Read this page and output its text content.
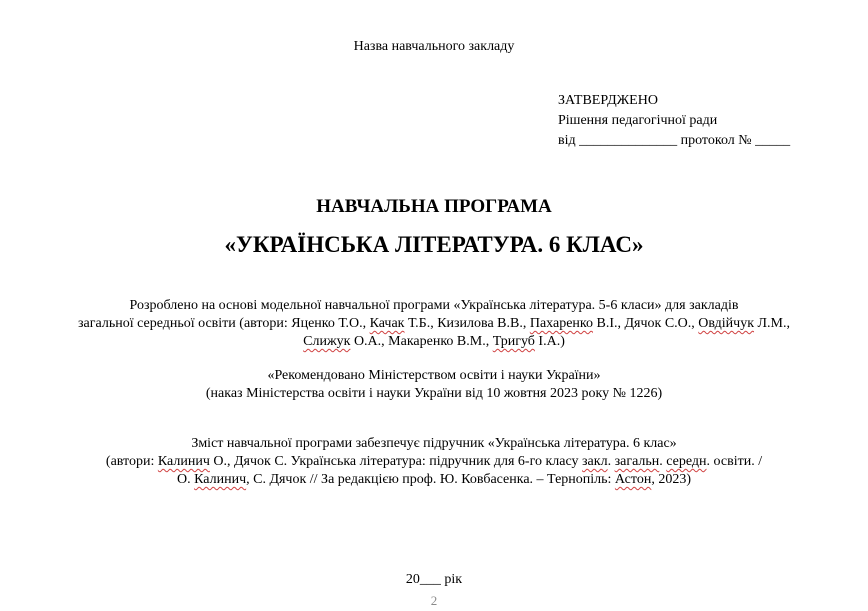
Назва навчального закладу
ЗАТВЕРДЖЕНО
Рішення педагогічної ради
від ______________ протокол № _____
НАВЧАЛЬНА ПРОГРАМА
«УКРАЇНСЬКА ЛІТЕРАТУРА. 6 КЛАС»
Розроблено на основі модельної навчальної програми «Українська література. 5-6 класи» для закладів
загальної середньої освіти (автори: Яценко Т.О., Качак Т.Б., Кизилова В.В., Пахаренко В.І., Дячок С.О., Овдійчук Л.М.,
Слижук О.А., Макаренко В.М., Тригуб І.А.)
«Рекомендовано Міністерством освіти і науки України»
(наказ Міністерства освіти і науки України від 10 жовтня 2023 року № 1226)
Зміст навчальної програми забезпечує підручник «Українська література. 6 клас»
(автори: Калинич О., Дячок С. Українська література: підручник для 6-го класу закл. загальн. середн. освіти. /
О. Калинич, С. Дячок // За редакцією проф. Ю. Ковбасенка. – Тернопіль: Астон, 2023)
20___ рік
2
